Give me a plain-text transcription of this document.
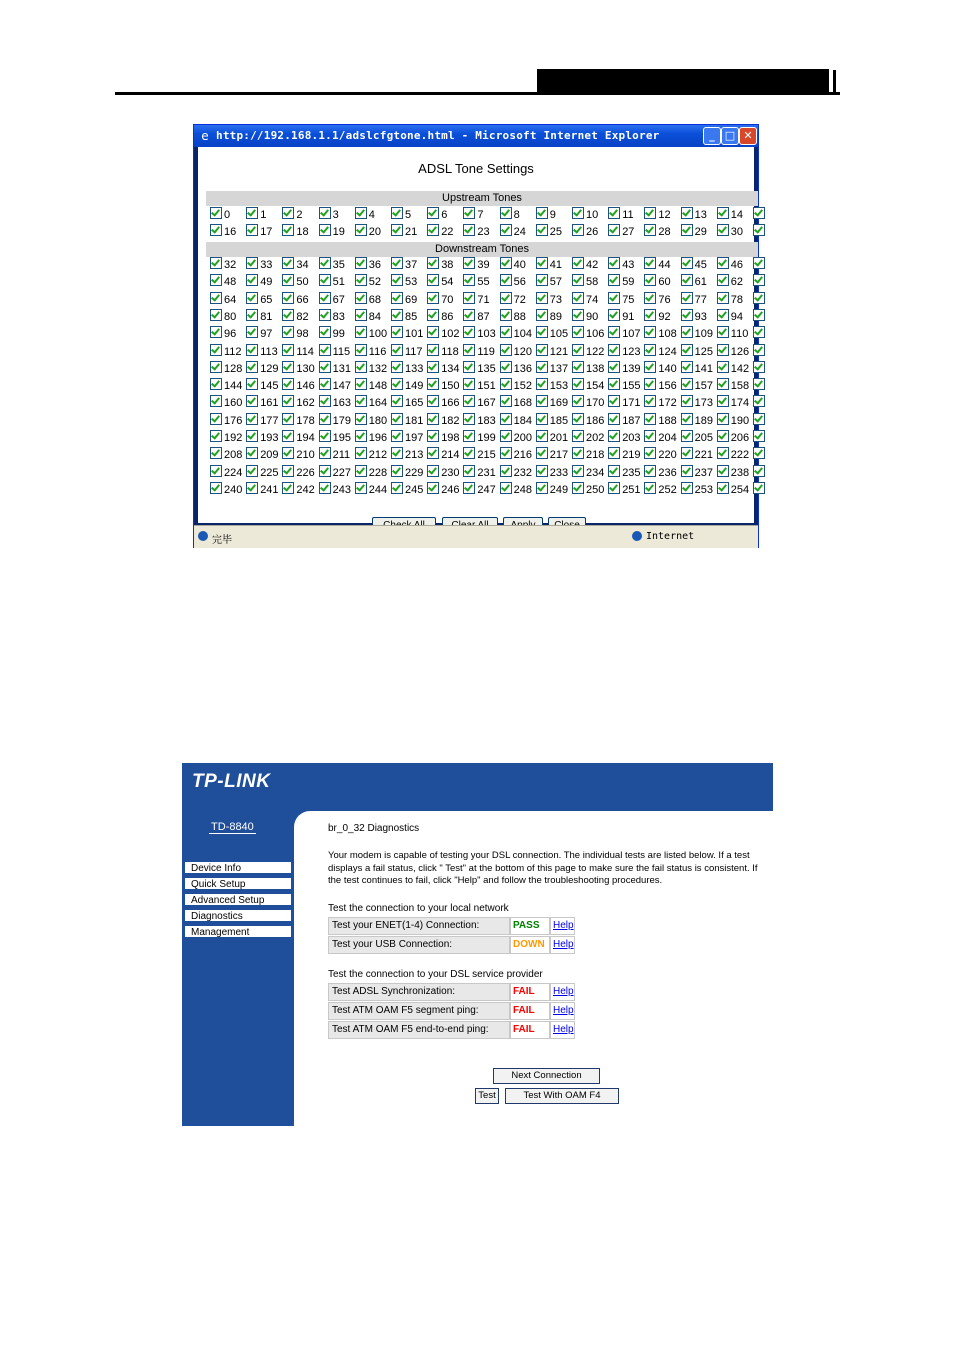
e http://192.168.1.1/adslcfgtone.html - Microsoft Internet Explorer	_ □ ✕
ADSL Tone Settings
Upstream Tones
Downstream Tones
0	1	2	3	4	5	6	7	8	9	10	11	12	13	14
16	17	18	19	20	21	22	23	24	25	26	27	28	29	30
32	33	34	35	36	37	38	39	40	41	42	43	44	45	46
48	49	50	51	52	53	54	55	56	57	58	59	60	61	62
64	65	66	67	68	69	70	71	72	73	74	75	76	77	78
80	81	82	83	84	85	86	87	88	89	90	91	92	93	94
96	97	98	99	100	101	102	103	104	105	106	107	108	109	110
112	113	114	115	116	117	118	119	120	121	122	123	124	125	126
128	129	130	131	132	133	134	135	136	137	138	139	140	141	142
144	145	146	147	148	149	150	151	152	153	154	155	156	157	158
160	161	162	163	164	165	166	167	168	169	170	171	172	173	174
176	177	178	179	180	181	182	183	184	185	186	187	188	189	190
192	193	194	195	196	197	198	199	200	201	202	203	204	205	206
208	209	210	211	212	213	214	215	216	217	218	219	220	221	222
224	225	226	227	228	229	230	231	232	233	234	235	236	237	238
240	241	242	243	244	245	246	247	248	249	250	251	252	253	254
完毕	Internet
TP-LINK
TD-8840
Device Info
Quick Setup
Advanced Setup
Diagnostics
Management
br_0_32 Diagnostics
Your modem is capable of testing your DSL connection. The individual tests are listed below. If a test displays a fail status, click " Test" at the bottom of this page to make sure the fail status is consistent. If the test continues to fail, click "Help" and follow the troubleshooting procedures.
Test the connection to your local network
Test your ENET(1-4) Connection:	PASS	Help
Test your USB Connection:	DOWN Help
Test the connection to your DSL service provider
Test ADSL Synchronization:	FAIL	Help
Test ATM OAM F5 segment ping:	FAIL	Help
Test ATM OAM F5 end-to-end ping:	FAIL	Help
Next Connection
Test	Test With OAM F4
